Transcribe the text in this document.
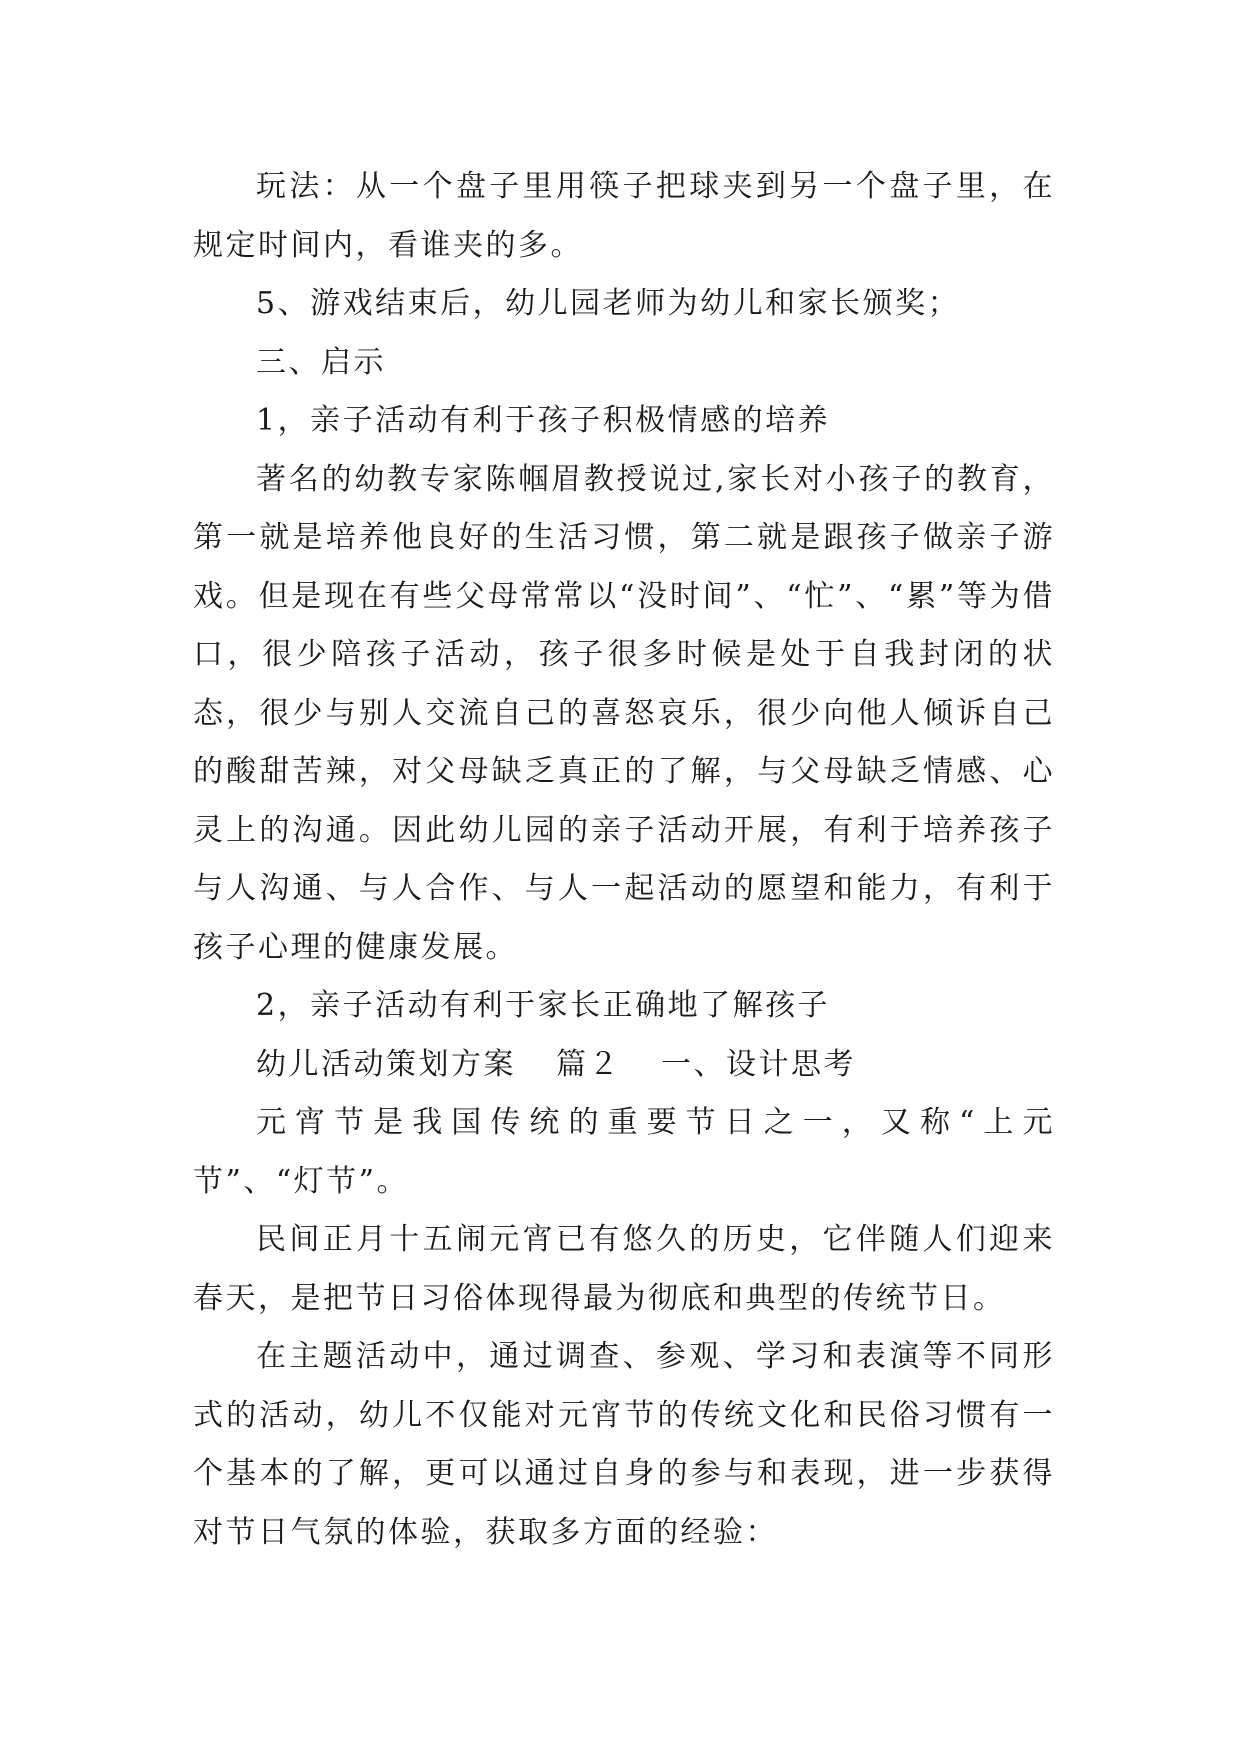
玩法：从一个盘子里用筷子把球夹到另一个盘子里，在规定时间内，看谁夹的多。

5、游戏结束后，幼儿园老师为幼儿和家长颁奖；

三、启示

1，亲子活动有利于孩子积极情感的培养

著名的幼教专家陈帼眉教授说过,家长对小孩子的教育，第一就是培养他良好的生活习惯，第二就是跟孩子做亲子游戏。但是现在有些父母常常以“没时间”、“忙”、“累”等为借口，很少陪孩子活动，孩子很多时候是处于自我封闭的状态，很少与别人交流自己的喜怒哀乐，很少向他人倾诉自己的酸甜苦辣，对父母缺乏真正的了解，与父母缺乏情感、心灵上的沟通。因此幼儿园的亲子活动开展，有利于培养孩子与人沟通、与人合作、与人一起活动的愿望和能力，有利于孩子心理的健康发展。

2，亲子活动有利于家长正确地了解孩子

幼儿活动策划方案 篇２ 一、设计思考

元宵节是我国传统的重要节日之一，又称“上元节”、“灯节”。

民间正月十五闹元宵已有悠久的历史，它伴随人们迎来春天，是把节日习俗体现得最为彻底和典型的传统节日。

在主题活动中，通过调查、参观、学习和表演等不同形式的活动，幼儿不仅能对元宵节的传统文化和民俗习惯有一个基本的了解，更可以通过自身的参与和表现，进一步获得对节日气氛的体验，获取多方面的经验：
